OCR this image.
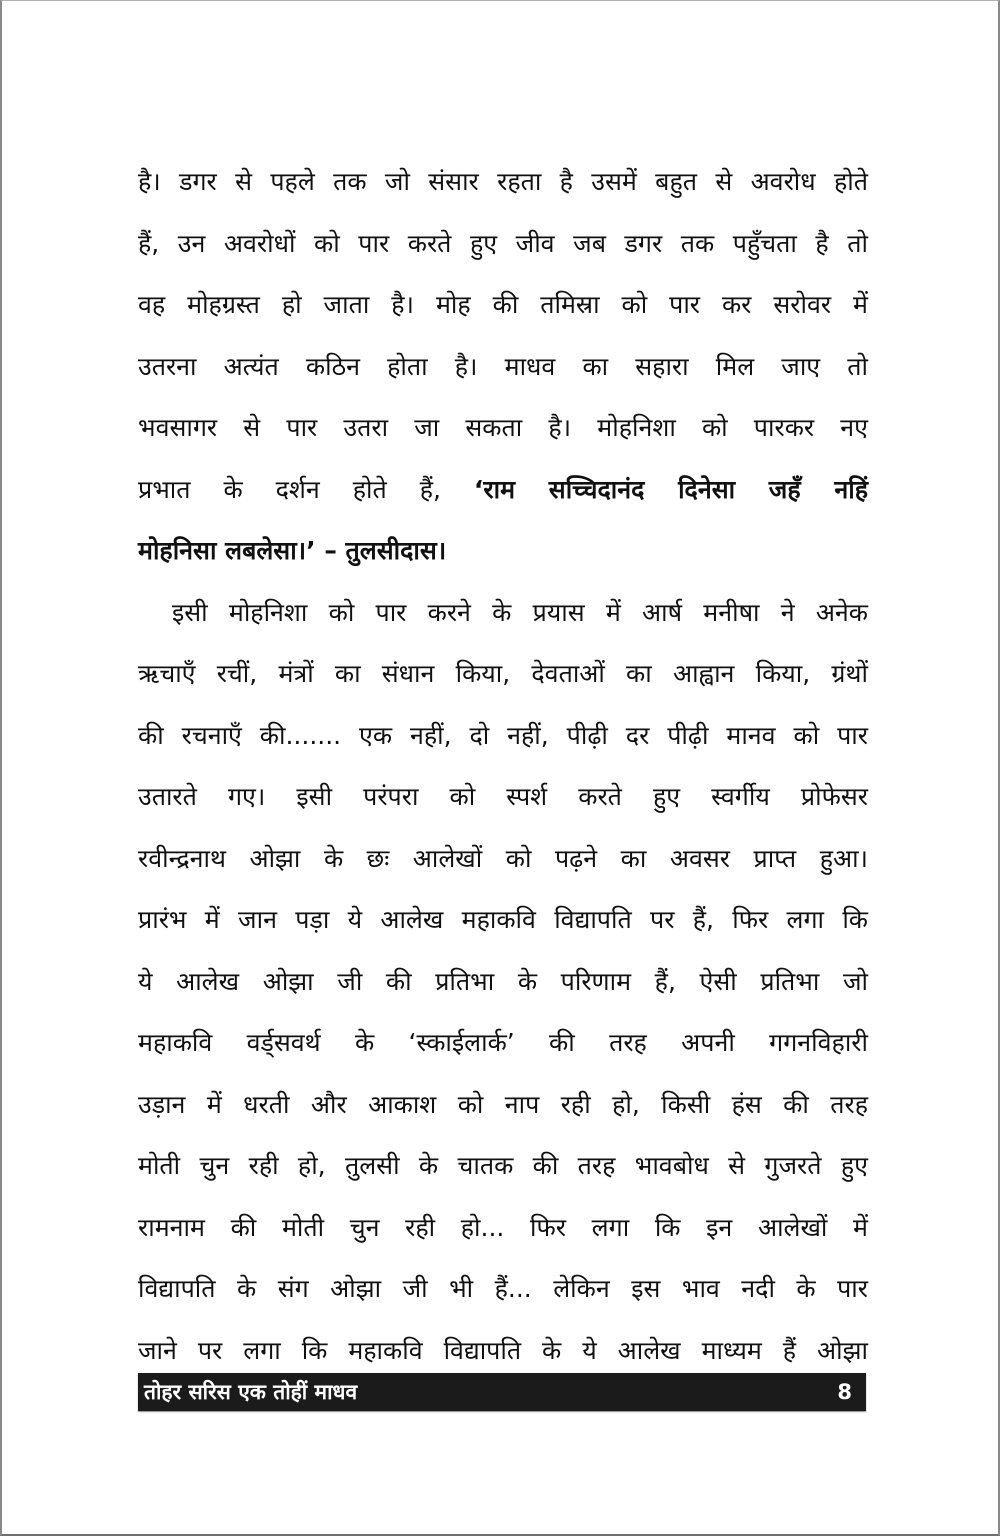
है। डगर से पहले तक जो संसार रहता है उसमें बहुत से अवरोध होते
हैं, उन अवरोधों को पार करते हुए जीव जब डगर तक पहुँचता है तो
वह मोहग्रस्त हो जाता है। मोह की तमिस्रा को पार कर सरोवर में
उतरना अत्यंत कठिन होता है। माधव का सहारा मिल जाए तो
भवसागर से पार उतरा जा सकता है। मोहनिशा को पारकर नए
प्रभात के दर्शन होते हैं, ‘राम सच्चिदानंद दिनेसा जहँ नहिं
मोहनिसा लबलेसा।’ – तुलसीदास।
इसी मोहनिशा को पार करने के प्रयास में आर्ष मनीषा ने अनेक
ऋचाएँ रचीं, मंत्रों का संधान किया, देवताओं का आह्वान किया, ग्रंथों
की रचनाएँ की....... एक नहीं, दो नहीं, पीढ़ी दर पीढ़ी मानव को पार
उतारते गए। इसी परंपरा को स्पर्श करते हुए स्वर्गीय प्रोफेसर
रवीन्द्रनाथ ओझा के छः आलेखों को पढ़ने का अवसर प्राप्त हुआ।
प्रारंभ में जान पड़ा ये आलेख महाकवि विद्यापति पर हैं, फिर लगा कि
ये आलेख ओझा जी की प्रतिभा के परिणाम हैं, ऐसी प्रतिभा जो
महाकवि वर्ड्सवर्थ के ‘स्काईलार्क’ की तरह अपनी गगनविहारी
उड़ान में धरती और आकाश को नाप रही हो, किसी हंस की तरह
मोती चुन रही हो, तुलसी के चातक की तरह भावबोध से गुजरते हुए
रामनाम की मोती चुन रही हो... फिर लगा कि इन आलेखों में
विद्यापति के संग ओझा जी भी हैं... लेकिन इस भाव नदी के पार
जाने पर लगा कि महाकवि विद्यापति के ये आलेख माध्यम हैं ओझा
तोहर सरिस एक तोहीं माधव	8
